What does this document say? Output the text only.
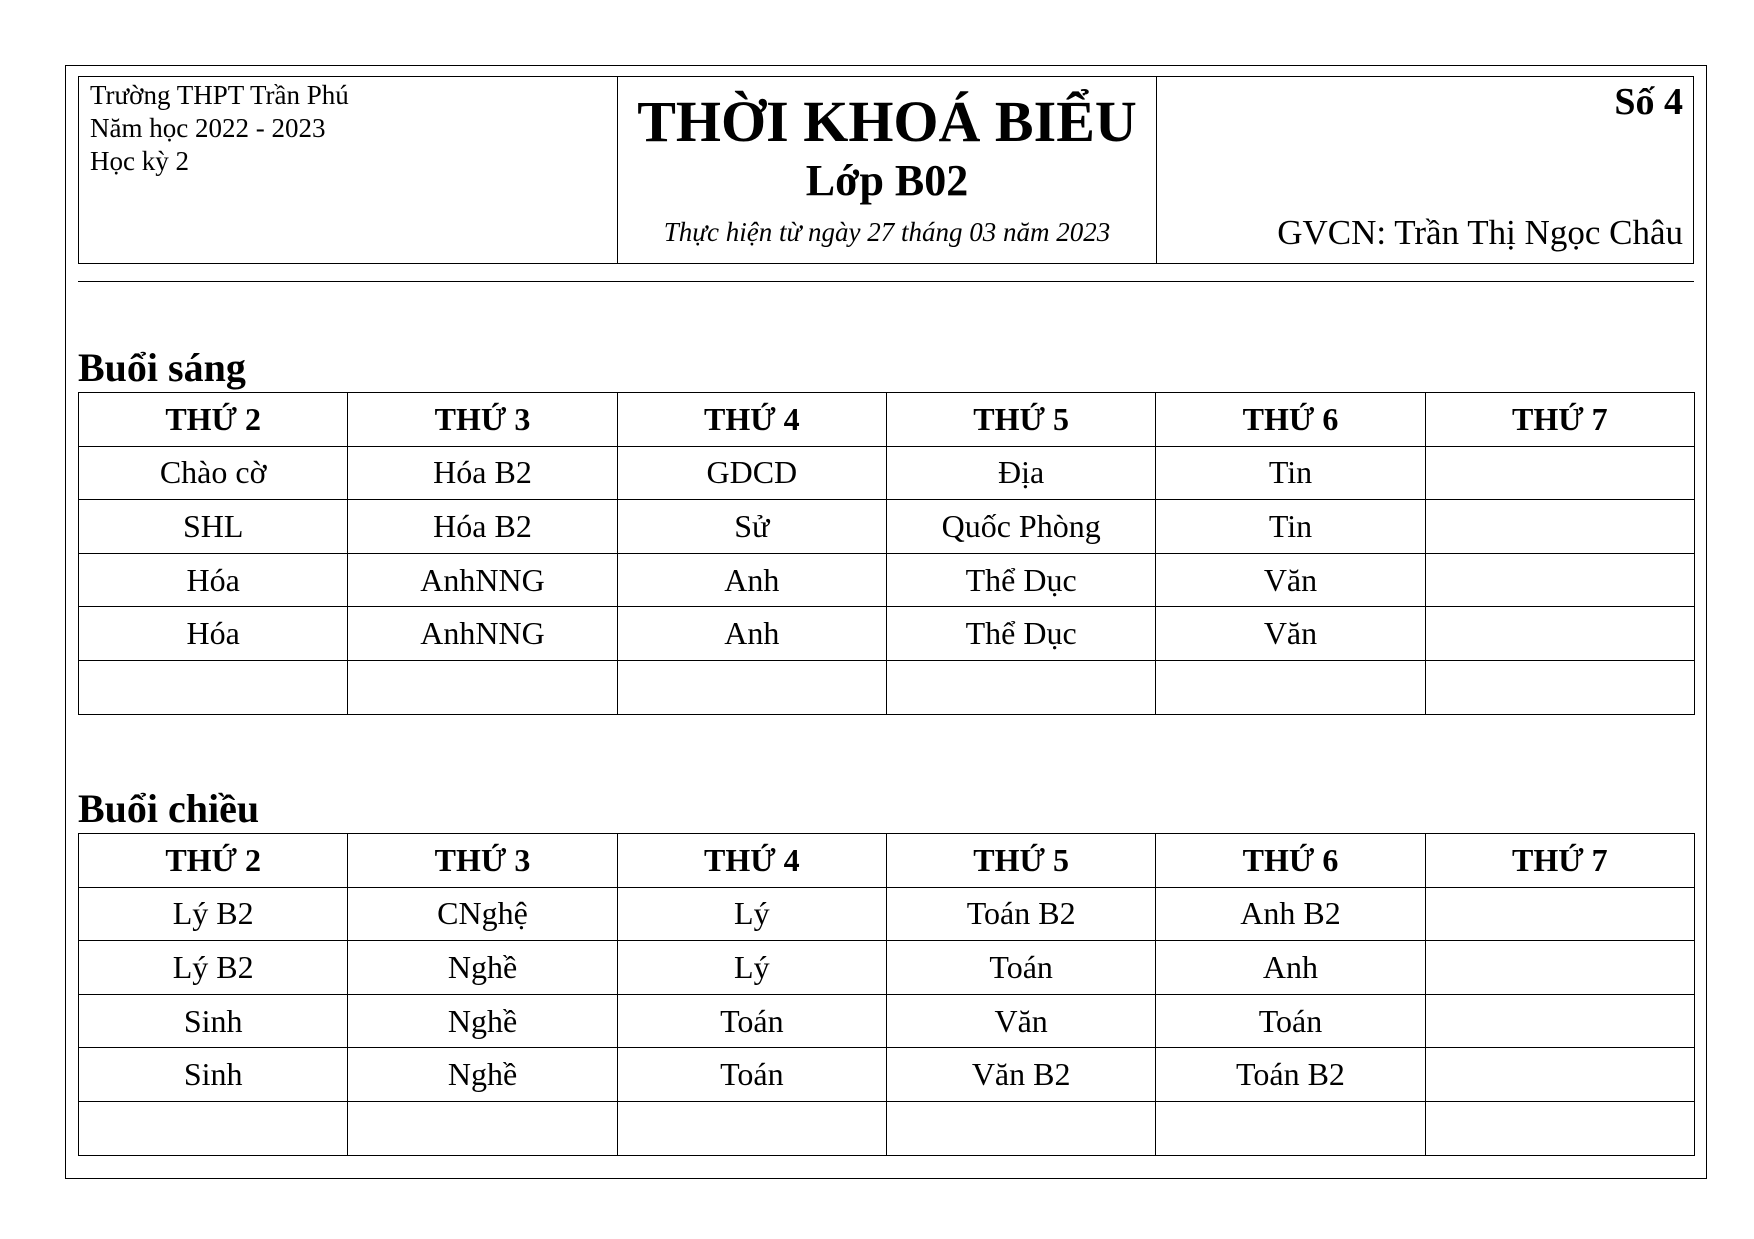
Trường THPT Trần Phú
Năm học 2022 - 2023
Học kỳ 2
THỜI KHOÁ BIỂU
Lớp B02
Thực hiện từ ngày 27 tháng 03 năm 2023
Số 4
GVCN: Trần Thị Ngọc Châu
Buổi sáng
THỨ 2	THỨ 3	THỨ 4	THỨ 5	THỨ 6	THỨ 7
Chào cờ	Hóa B2	GDCD	Địa	Tin	
SHL	Hóa B2	Sử	Quốc Phòng	Tin	
Hóa	AnhNNG	Anh	Thể Dục	Văn	
Hóa	AnhNNG	Anh	Thể Dục	Văn	

Buổi chiều
THỨ 2	THỨ 3	THỨ 4	THỨ 5	THỨ 6	THỨ 7
Lý B2	CNghệ	Lý	Toán B2	Anh B2	
Lý B2	Nghề	Lý	Toán	Anh	
Sinh	Nghề	Toán	Văn	Toán	
Sinh	Nghề	Toán	Văn B2	Toán B2	
